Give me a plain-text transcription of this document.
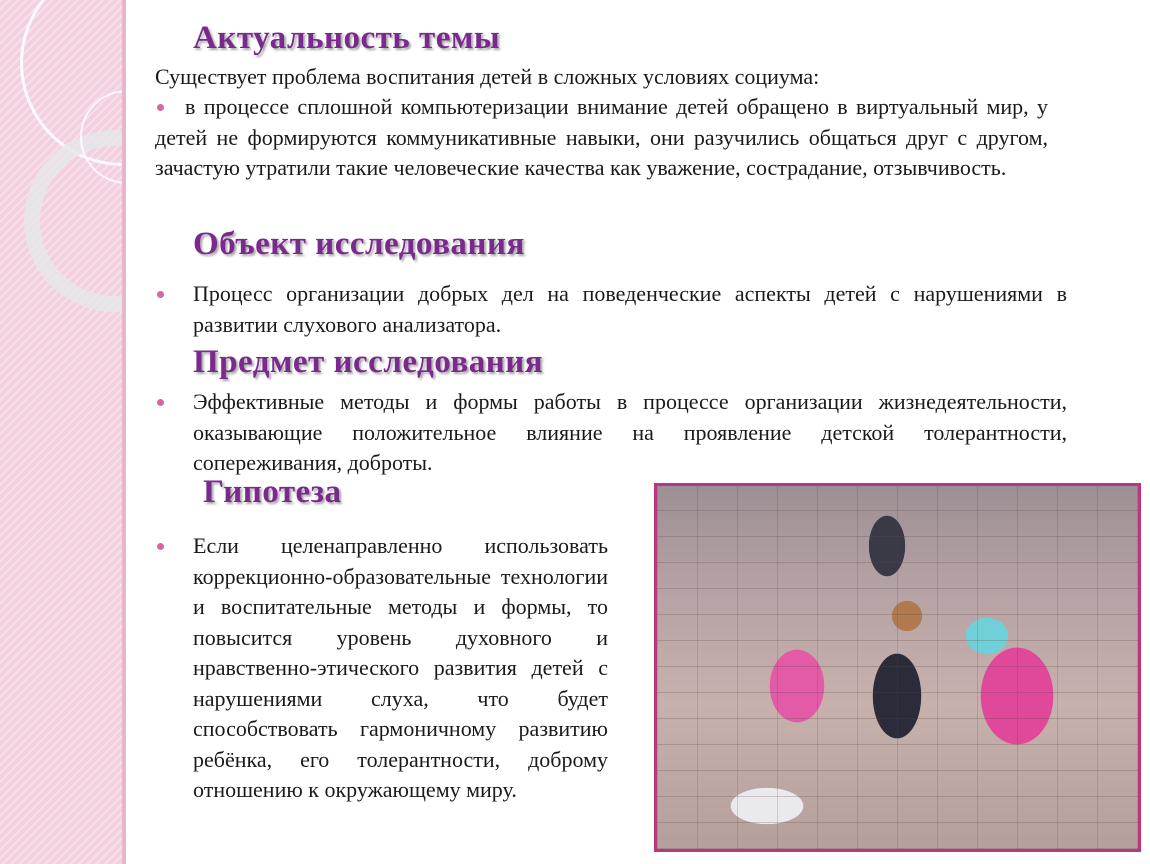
Актуальность темы

Существует проблема воспитания детей в сложных условиях социума:

в процессе сплошной компьютеризации внимание детей обращено в виртуальный мир, у детей не формируются коммуникативные навыки, они разучились общаться друг с другом, зачастую утратили такие человеческие качества как уважение, сострадание, отзывчивость.

Объект исследования

Процесс организации добрых дел на поведенческие аспекты детей с нарушениями в развитии слухового анализатора.

Предмет исследования

Эффективные методы и формы работы в процессе организации жизнедеятельности, оказывающие положительное влияние на проявление детской толерантности, сопереживания, доброты.

Гипотеза

Если целенаправленно использовать коррекционно-образовательные технологии и воспитательные методы и формы, то повысится уровень духовного и нравственно-этического развития детей с нарушениями слуха, что будет способствовать гармоничному развитию ребёнка, его толерантности, доброму отношению к окружающему миру.
